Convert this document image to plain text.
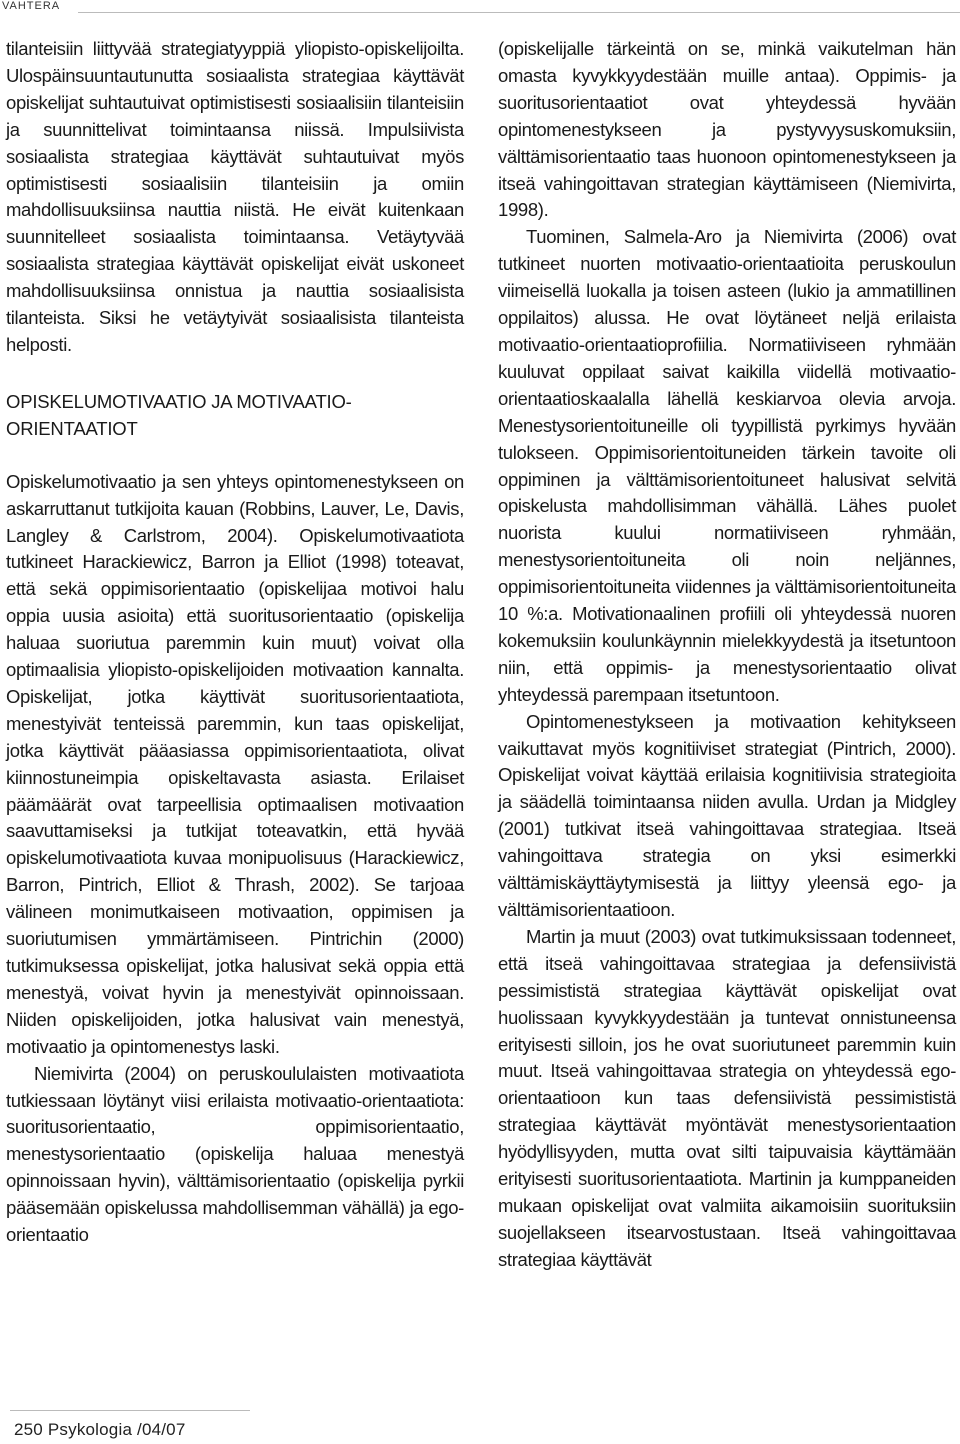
VAHTERA

tilanteisiin liittyvää strategiatyyppiä yliopisto-opiskelijoilta. Ulospäinsuuntautunutta sosiaalista strategiaa käyttävät opiskelijat suhtautuivat optimistisesti sosiaalisiin tilanteisiin ja suunnittelivat toimintaansa niissä. Impulsiivista sosiaalista strategiaa käyttävät suhtautuivat myös optimistisesti sosiaalisiin tilanteisiin ja omiin mahdollisuuksiinsa nauttia niistä. He eivät kuitenkaan suunnitelleet sosiaalista toimintaansa. Vetäytyvää sosiaalista strategiaa käyttävät opiskelijat eivät uskoneet mahdollisuuksiinsa onnistua ja nauttia sosiaalisista tilanteista. Siksi he vetäytyivät sosiaalisista tilanteista helposti.

OPISKELUMOTIVAATIO JA MOTIVAATIO-ORIENTAATIOT

Opiskelumotivaatio ja sen yhteys opintomenestykseen on askarruttanut tutkijoita kauan (Robbins, Lauver, Le, Davis, Langley & Carlstrom, 2004). Opiskelumotivaatiota tutkineet Harackiewicz, Barron ja Elliot (1998) toteavat, että sekä oppimisorientaatio (opiskelijaa motivoi halu oppia uusia asioita) että suoritusorientaatio (opiskelija haluaa suoriutua paremmin kuin muut) voivat olla optimaalisia yliopisto-opiskelijoiden motivaation kannalta. Opiskelijat, jotka käyttivät suoritusorientaatiota, menestyivät tenteissä paremmin, kun taas opiskelijat, jotka käyttivät pääasiassa oppimisorientaatiota, olivat kiinnostuneimpia opiskeltavasta asiasta. Erilaiset päämäärät ovat tarpeellisia optimaalisen motivaation saavuttamiseksi ja tutkijat toteavatkin, että hyvää opiskelumotivaatiota kuvaa monipuolisuus (Harackiewicz, Barron, Pintrich, Elliot & Thrash, 2002). Se tarjoaa välineen monimutkaiseen motivaation, oppimisen ja suoriutumisen ymmärtämiseen. Pintrichin (2000) tutkimuksessa opiskelijat, jotka halusivat sekä oppia että menestyä, voivat hyvin ja menestyivät opinnoissaan. Niiden opiskelijoiden, jotka halusivat vain menestyä, motivaatio ja opintomenestys laski.

Niemivirta (2004) on peruskoululaisten motivaatiota tutkiessaan löytänyt viisi erilaista motivaatio-orientaatiota: suoritusorientaatio, oppimisorientaatio, menestysorientaatio (opiskelija haluaa menestyä opinnoissaan hyvin), välttämisorientaatio (opiskelija pyrkii pääsemään opiskelussa mahdollisemman vähällä) ja ego-orientaatio

(opiskelijalle tärkeintä on se, minkä vaikutelman hän omasta kyvykkyydestään muille antaa). Oppimis- ja suoritusorientaatiot ovat yhteydessä hyvään opintomenestykseen ja pystyvyysuskomuksiin, välttämisorientaatio taas huonoon opintomenestykseen ja itseä vahingoittavan strategian käyttämiseen (Niemivirta, 1998).

Tuominen, Salmela-Aro ja Niemivirta (2006) ovat tutkineet nuorten motivaatio-orientaatioita peruskoulun viimeisellä luokalla ja toisen asteen (lukio ja ammatillinen oppilaitos) alussa. He ovat löytäneet neljä erilaista motivaatio-orientaatioprofiilia. Normatiiviseen ryhmään kuuluvat oppilaat saivat kaikilla viidellä motivaatio-orientaatioskaalalla lähellä keskiarvoa olevia arvoja. Menestysorientoituneille oli tyypillistä pyrkimys hyvään tulokseen. Oppimisorientoituneiden tärkein tavoite oli oppiminen ja välttämisorientoituneet halusivat selvitä opiskelusta mahdollisimman vähällä. Lähes puolet nuorista kuului normatiiviseen ryhmään, menestysorientoituneita oli noin neljännes, oppimisorientoituneita viidennes ja välttämisorientoituneita 10 %:a. Motivationaalinen profiili oli yhteydessä nuoren kokemuksiin koulunkäynnin mielekkyydestä ja itsetuntoon niin, että oppimis- ja menestysorientaatio olivat yhteydessä parempaan itsetuntoon.

Opintomenestykseen ja motivaation kehitykseen vaikuttavat myös kognitiiviset strategiat (Pintrich, 2000). Opiskelijat voivat käyttää erilaisia kognitiivisia strategioita ja säädellä toimintaansa niiden avulla. Urdan ja Midgley (2001) tutkivat itseä vahingoittavaa strategiaa. Itseä vahingoittava strategia on yksi esimerkki välttämiskäyttäytymisestä ja liittyy yleensä ego- ja välttämisorientaatioon.

Martin ja muut (2003) ovat tutkimuksissaan todenneet, että itseä vahingoittavaa strategiaa ja defensiivistä pessimististä strategiaa käyttävät opiskelijat ovat huolissaan kyvykkyydestään ja tuntevat onnistuneensa erityisesti silloin, jos he ovat suoriutuneet paremmin kuin muut. Itseä vahingoittavaa strategia on yhteydessä ego-orientaatioon kun taas defensiivistä pessimististä strategiaa käyttävät myöntävät menestysorientaation hyödyllisyyden, mutta ovat silti taipuvaisia käyttämään erityisesti suoritusorientaatiota. Martinin ja kumppaneiden mukaan opiskelijat ovat valmiita aikamoisiin suorituksiin suojellakseen itsearvostustaan. Itseä vahingoittavaa strategiaa käyttävät

250 Psykologia /04/07
